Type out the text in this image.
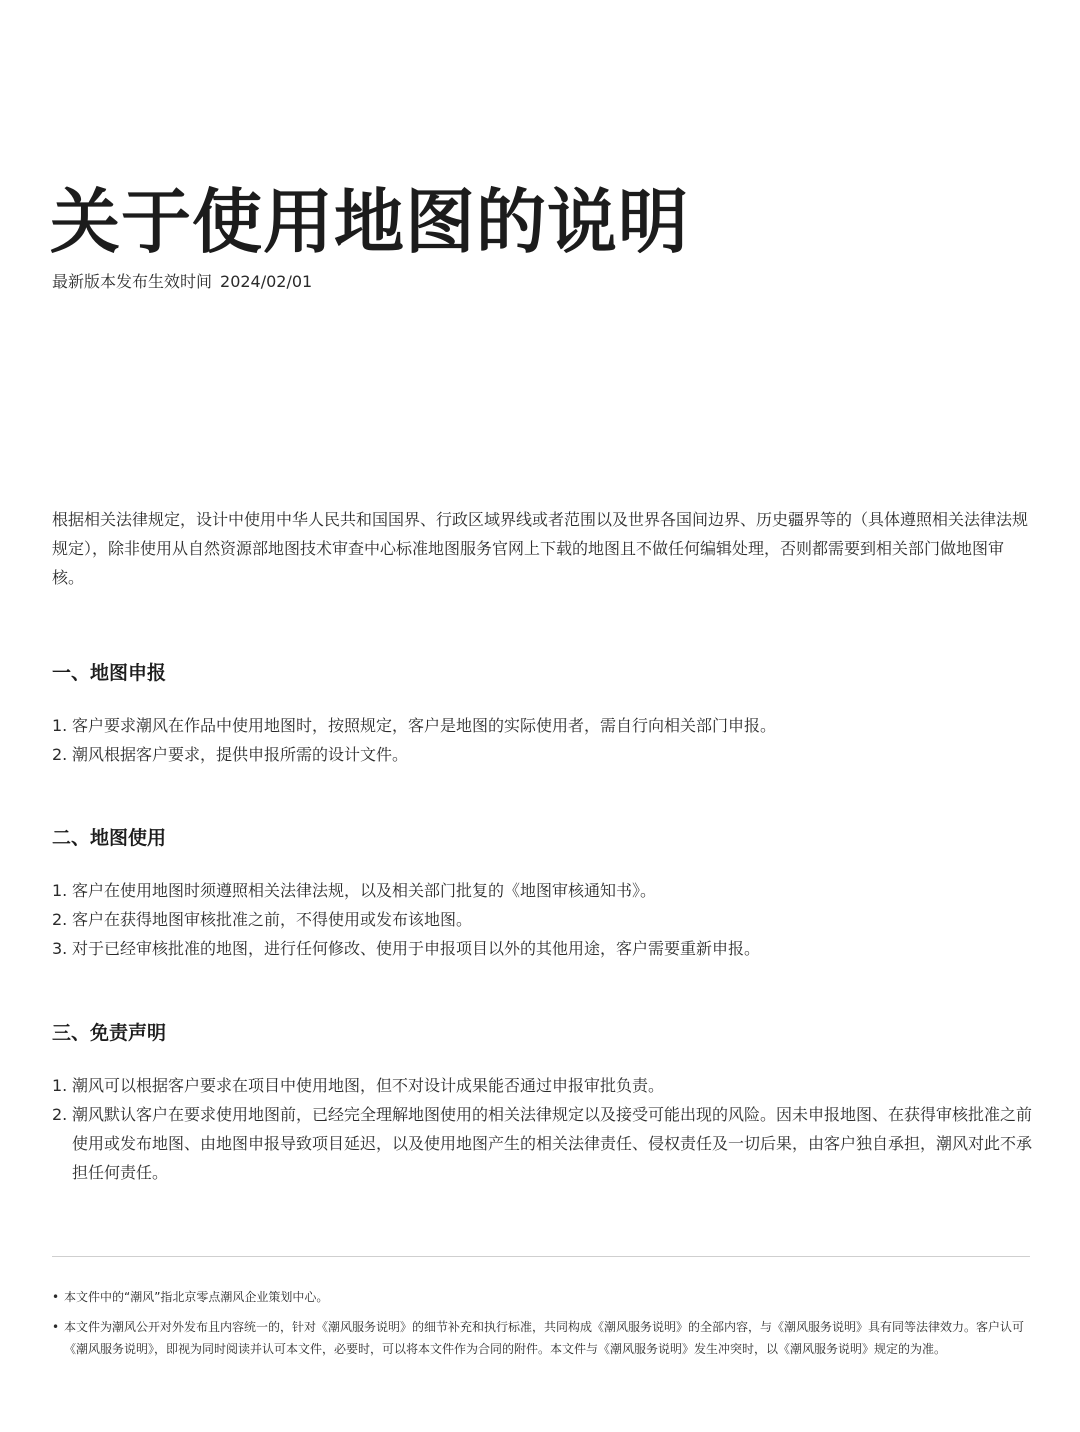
关于使用地图的说明
最新版本发布生效时间 2024/02/01

根据相关法律规定，设计中使用中华人民共和国国界、行政区域界线或者范围以及世界各国间边界、历史疆界等的（具体遵照相关法律法规规定），除非使用从自然资源部地图技术审查中心标准地图服务官网上下载的地图且不做任何编辑处理，否则都需要到相关部门做地图审核。

一、地图申报
1. 客户要求潮风在作品中使用地图时，按照规定，客户是地图的实际使用者，需自行向相关部门申报。
2. 潮风根据客户要求，提供申报所需的设计文件。
二、地图使用
1. 客户在使用地图时须遵照相关法律法规，以及相关部门批复的《地图审核通知书》。
2. 客户在获得地图审核批准之前，不得使用或发布该地图。
3. 对于已经审核批准的地图，进行任何修改、使用于申报项目以外的其他用途，客户需要重新申报。
三、免责声明
1. 潮风可以根据客户要求在项目中使用地图，但不对设计成果能否通过申报审批负责。
2. 潮风默认客户在要求使用地图前，已经完全理解地图使用的相关法律规定以及接受可能出现的风险。因未申报地图、在获得审核批准之前使用或发布地图、由地图申报导致项目延迟，以及使用地图产生的相关法律责任、侵权责任及一切后果，由客户独自承担，潮风对此不承担任何责任。
• 本文件中的“潮风”指北京零点潮风企业策划中心。
• 本文件为潮风公开对外发布且内容统一的，针对《潮风服务说明》的细节补充和执行标准，共同构成《潮风服务说明》的全部内容，与《潮风服务说明》具有同等法律效力。客户认可《潮风服务说明》，即视为同时阅读并认可本文件，必要时，可以将本文件作为合同的附件。本文件与《潮风服务说明》发生冲突时，以《潮风服务说明》规定的为准。
